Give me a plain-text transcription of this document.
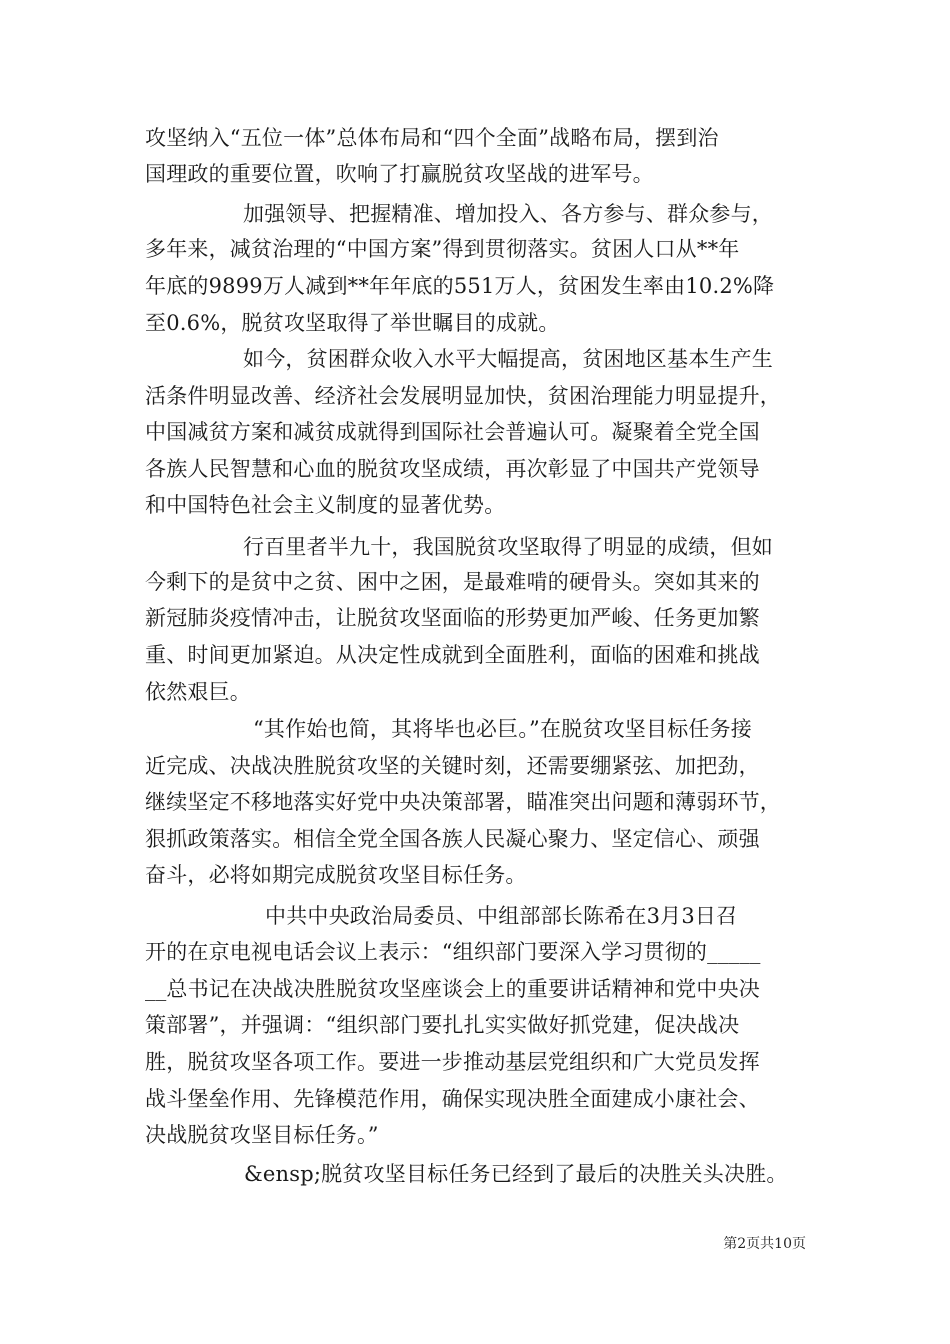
攻坚纳入“五位一体”总体布局和“四个全面”战略布局，摆到治
国理政的重要位置，吹响了打赢脱贫攻坚战的进军号。
加强领导、把握精准、增加投入、各方参与、群众参与，
多年来，减贫治理的“中国方案”得到贯彻落实。贫困人口从**年
年底的9899万人减到**年年底的551万人，贫困发生率由10.2%降
至0.6%，脱贫攻坚取得了举世瞩目的成就。
如今，贫困群众收入水平大幅提高，贫困地区基本生产生
活条件明显改善、经济社会发展明显加快，贫困治理能力明显提升，
中国减贫方案和减贫成就得到国际社会普遍认可。凝聚着全党全国
各族人民智慧和心血的脱贫攻坚成绩，再次彰显了中国共产党领导
和中国特色社会主义制度的显著优势。
行百里者半九十，我国脱贫攻坚取得了明显的成绩，但如
今剩下的是贫中之贫、困中之困，是最难啃的硬骨头。突如其来的
新冠肺炎疫情冲击，让脱贫攻坚面临的形势更加严峻、任务更加繁
重、时间更加紧迫。从决定性成就到全面胜利，面临的困难和挑战
依然艰巨。
“其作始也简，其将毕也必巨。”在脱贫攻坚目标任务接
近完成、决战决胜脱贫攻坚的关键时刻，还需要绷紧弦、加把劲，
继续坚定不移地落实好党中央决策部署，瞄准突出问题和薄弱环节，
狠抓政策落实。相信全党全国各族人民凝心聚力、坚定信心、顽强
奋斗，必将如期完成脱贫攻坚目标任务。
中共中央政治局委员、中组部部长陈希在3月3日召
开的在京电视电话会议上表示：“组织部门要深入学习贯彻的_____
__总书记在决战决胜脱贫攻坚座谈会上的重要讲话精神和党中央决
策部署”，并强调：“组织部门要扎扎实实做好抓党建，促决战决
胜，脱贫攻坚各项工作。要进一步推动基层党组织和广大党员发挥
战斗堡垒作用、先锋模范作用，确保实现决胜全面建成小康社会、
决战脱贫攻坚目标任务。”
&ensp;脱贫攻坚目标任务已经到了最后的决胜关头决胜。
第2页共10页
